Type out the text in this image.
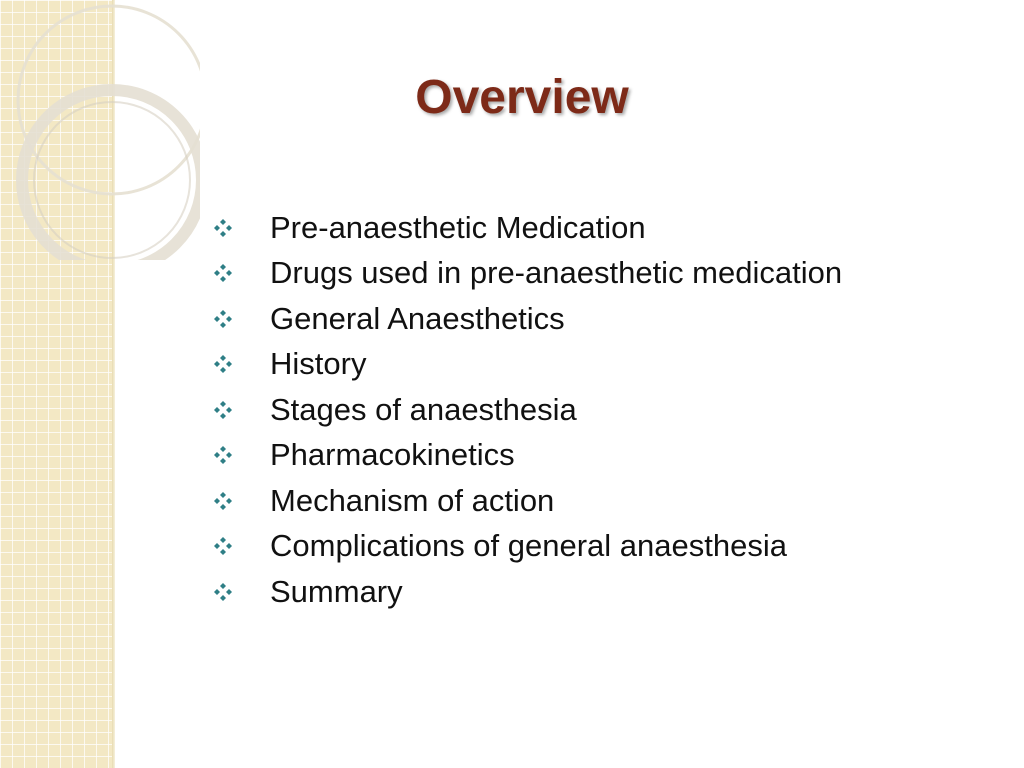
Overview
Pre-anaesthetic Medication
Drugs used in pre-anaesthetic medication
General Anaesthetics
History
Stages of anaesthesia
Pharmacokinetics
Mechanism of action
Complications of general anaesthesia
Summary
